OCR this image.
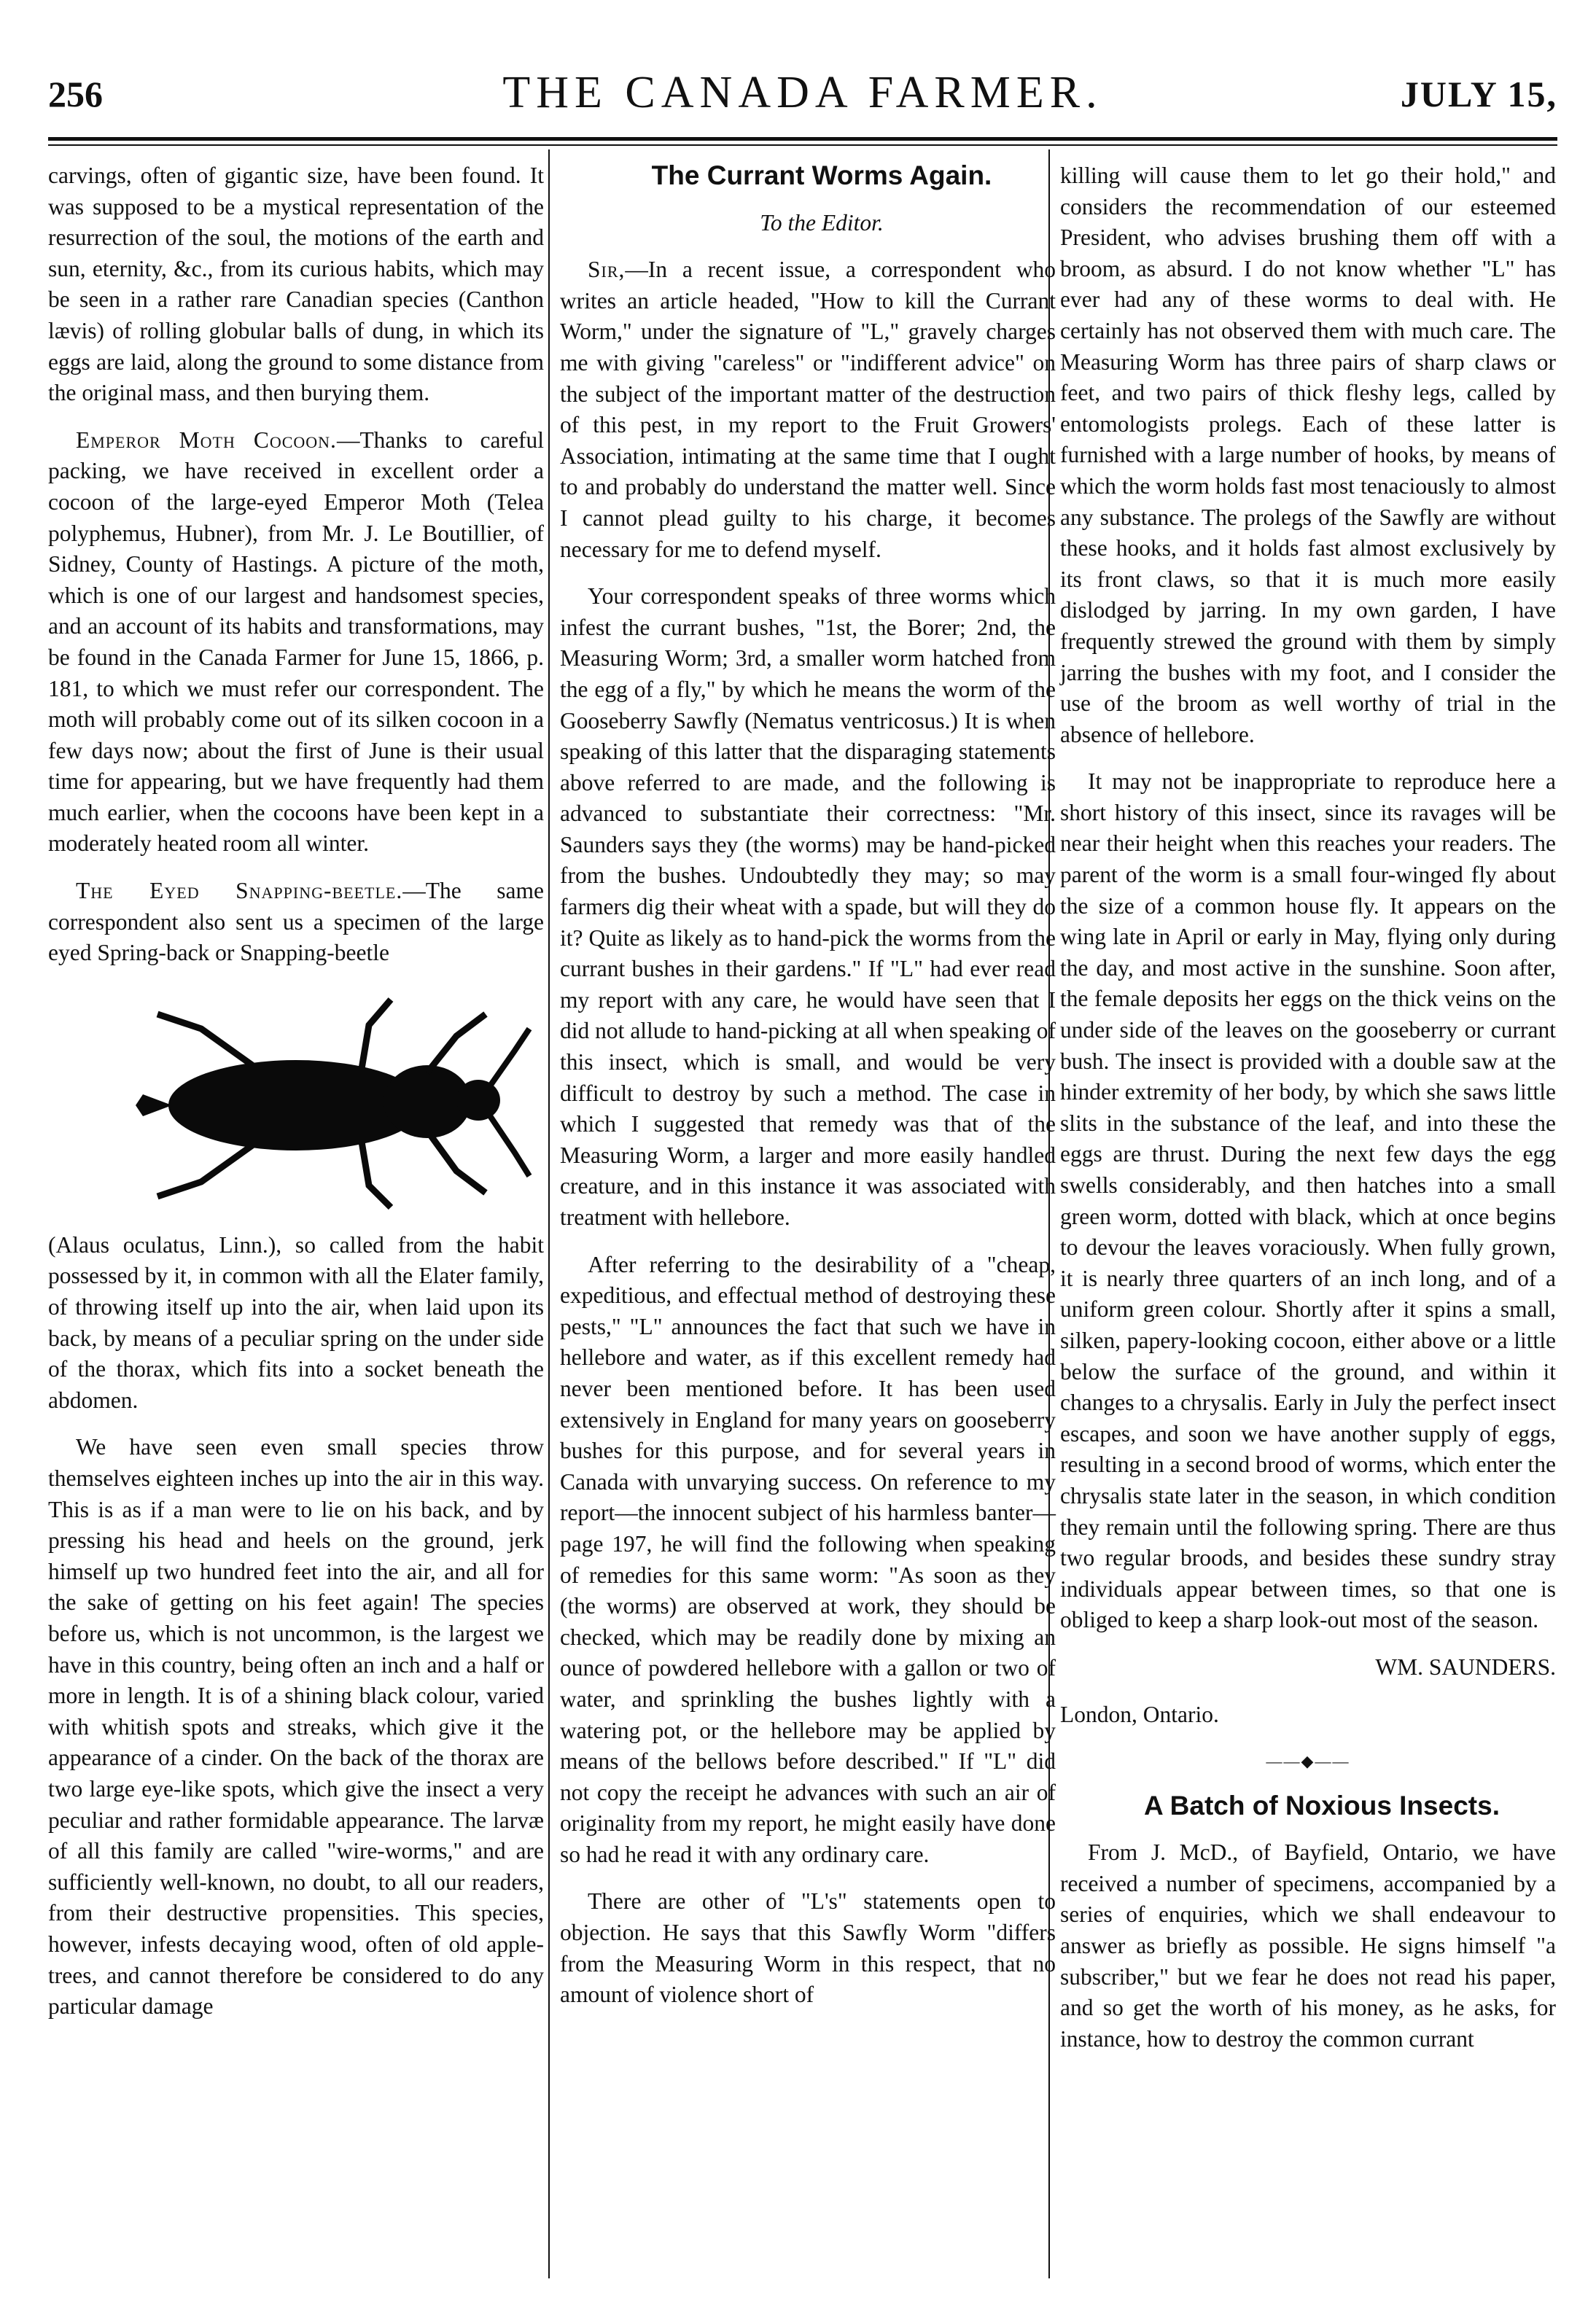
256	THE CANADA FARMER.	JULY 15,

carvings, often of gigantic size, have been found. It was supposed to be a mystical representation of the resurrection of the soul, the motions of the earth and sun, eternity, &c., from its curious habits, which may be seen in a rather rare Canadian species (Canthon lævis) of rolling globular balls of dung, in which its eggs are laid, along the ground to some distance from the original mass, and then burying them.

Emperor Moth Cocoon.—Thanks to careful packing, we have received in excellent order a cocoon of the large-eyed Emperor Moth (Telea polyphemus, Hubner), from Mr. J. Le Boutillier, of Sidney, County of Hastings. A picture of the moth, which is one of our largest and handsomest species, and an account of its habits and transformations, may be found in the Canada Farmer for June 15, 1866, p. 181, to which we must refer our correspondent. The moth will probably come out of its silken cocoon in a few days now; about the first of June is their usual time for appearing, but we have frequently had them much earlier, when the cocoons have been kept in a moderately heated room all winter.

The Eyed Snapping-beetle.—The same correspondent also sent us a specimen of the large eyed Spring-back or Snapping-beetle

(Alaus oculatus, Linn.), so called from the habit possessed by it, in common with all the Elater family, of throwing itself up into the air, when laid upon its back, by means of a peculiar spring on the under side of the thorax, which fits into a socket beneath the abdomen.

We have seen even small species throw themselves eighteen inches up into the air in this way. This is as if a man were to lie on his back, and by pressing his head and heels on the ground, jerk himself up two hundred feet into the air, and all for the sake of getting on his feet again! The species before us, which is not uncommon, is the largest we have in this country, being often an inch and a half or more in length. It is of a shining black colour, varied with whitish spots and streaks, which give it the appearance of a cinder. On the back of the thorax are two large eye-like spots, which give the insect a very peculiar and rather formidable appearance. The larvæ of all this family are called "wire-worms," and are sufficiently well-known, no doubt, to all our readers, from their destructive propensities. This species, however, infests decaying wood, often of old apple-trees, and cannot therefore be considered to do any particular damage

The Currant Worms Again.

To the Editor.

Sir,—In a recent issue, a correspondent who writes an article headed, "How to kill the Currant Worm," under the signature of "L," gravely charges me with giving "careless" or "indifferent advice" on the subject of the important matter of the destruction of this pest, in my report to the Fruit Growers' Association, intimating at the same time that I ought to and probably do understand the matter well. Since I cannot plead guilty to his charge, it becomes necessary for me to defend myself.

Your correspondent speaks of three worms which infest the currant bushes, "1st, the Borer; 2nd, the Measuring Worm; 3rd, a smaller worm hatched from the egg of a fly," by which he means the worm of the Gooseberry Sawfly (Nematus ventricosus.) It is when speaking of this latter that the disparaging statements above referred to are made, and the following is advanced to substantiate their correctness: "Mr. Saunders says they (the worms) may be hand-picked from the bushes. Undoubtedly they may; so may farmers dig their wheat with a spade, but will they do it? Quite as likely as to hand-pick the worms from the currant bushes in their gardens." If "L" had ever read my report with any care, he would have seen that I did not allude to hand-picking at all when speaking of this insect, which is small, and would be very difficult to destroy by such a method. The case in which I suggested that remedy was that of the Measuring Worm, a larger and more easily handled creature, and in this instance it was associated with treatment with hellebore.

After referring to the desirability of a "cheap, expeditious, and effectual method of destroying these pests," "L" announces the fact that such we have in hellebore and water, as if this excellent remedy had never been mentioned before. It has been used extensively in England for many years on gooseberry bushes for this purpose, and for several years in Canada with unvarying success. On reference to my report—the innocent subject of his harmless banter—page 197, he will find the following when speaking of remedies for this same worm: "As soon as they (the worms) are observed at work, they should be checked, which may be readily done by mixing an ounce of powdered hellebore with a gallon or two of water, and sprinkling the bushes lightly with a watering pot, or the hellebore may be applied by means of the bellows before described." If "L" did not copy the receipt he advances with such an air of originality from my report, he might easily have done so had he read it with any ordinary care.

There are other of "L's" statements open to objection. He says that this Sawfly Worm "differs from the Measuring Worm in this respect, that no amount of violence short of

killing will cause them to let go their hold," and considers the recommendation of our esteemed President, who advises brushing them off with a broom, as absurd. I do not know whether "L" has ever had any of these worms to deal with. He certainly has not observed them with much care. The Measuring Worm has three pairs of sharp claws or feet, and two pairs of thick fleshy legs, called by entomologists prolegs. Each of these latter is furnished with a large number of hooks, by means of which the worm holds fast most tenaciously to almost any substance. The prolegs of the Sawfly are without these hooks, and it holds fast almost exclusively by its front claws, so that it is much more easily dislodged by jarring. In my own garden, I have frequently strewed the ground with them by simply jarring the bushes with my foot, and I consider the use of the broom as well worthy of trial in the absence of hellebore.

It may not be inappropriate to reproduce here a short history of this insect, since its ravages will be near their height when this reaches your readers. The parent of the worm is a small four-winged fly about the size of a common house fly. It appears on the wing late in April or early in May, flying only during the day, and most active in the sunshine. Soon after, the female deposits her eggs on the thick veins on the under side of the leaves on the gooseberry or currant bush. The insect is provided with a double saw at the hinder extremity of her body, by which she saws little slits in the substance of the leaf, and into these the eggs are thrust. During the next few days the egg swells considerably, and then hatches into a small green worm, dotted with black, which at once begins to devour the leaves voraciously. When fully grown, it is nearly three quarters of an inch long, and of a uniform green colour. Shortly after it spins a small, silken, papery-looking cocoon, either above or a little below the surface of the ground, and within it changes to a chrysalis. Early in July the perfect insect escapes, and soon we have another supply of eggs, resulting in a second brood of worms, which enter the chrysalis state later in the season, in which condition they remain until the following spring. There are thus two regular broods, and besides these sundry stray individuals appear between times, so that one is obliged to keep a sharp look-out most of the season.

WM. SAUNDERS.

London, Ontario.

——◆——

A Batch of Noxious Insects.

From J. McD., of Bayfield, Ontario, we have received a number of specimens, accompanied by a series of enquiries, which we shall endeavour to answer as briefly as possible. He signs himself "a subscriber," but we fear he does not read his paper, and so get the worth of his money, as he asks, for instance, how to destroy the common currant
